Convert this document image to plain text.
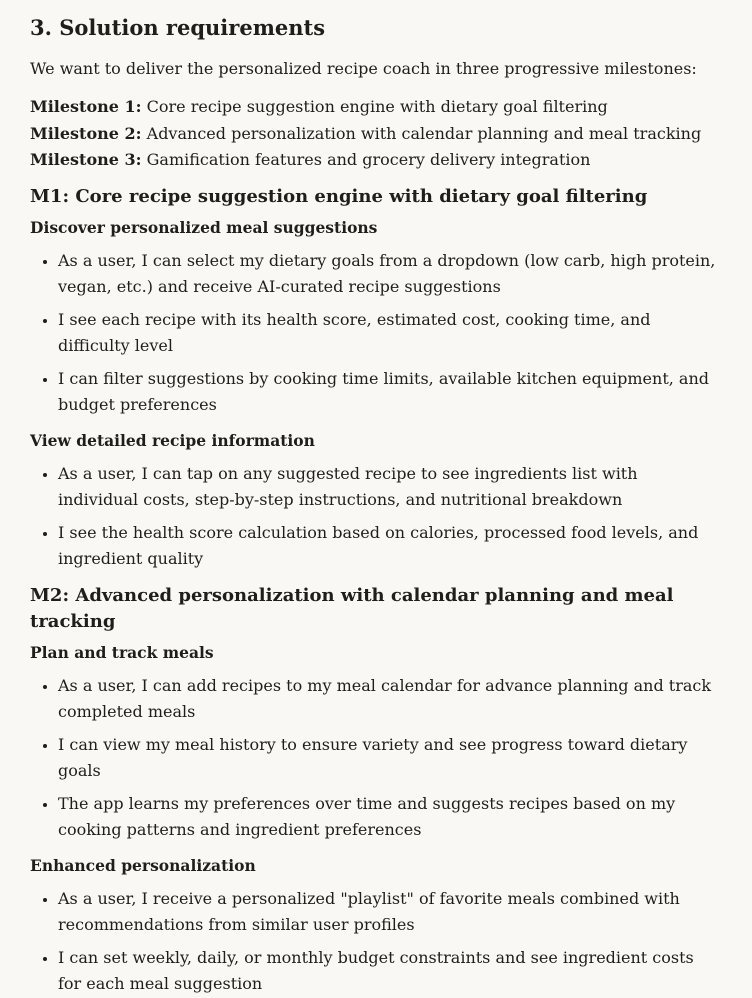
3. Solution requirements

We want to deliver the personalized recipe coach in three progressive milestones:

Milestone 1: Core recipe suggestion engine with dietary goal filtering
Milestone 2: Advanced personalization with calendar planning and meal tracking
Milestone 3: Gamification features and grocery delivery integration
M1: Core recipe suggestion engine with dietary goal filtering
Discover personalized meal suggestions
• As a user, I can select my dietary goals from a dropdown (low carb, high protein, vegan, etc.) and receive AI-curated recipe suggestions
• I see each recipe with its health score, estimated cost, cooking time, and difficulty level
• I can filter suggestions by cooking time limits, available kitchen equipment, and budget preferences
View detailed recipe information
• As a user, I can tap on any suggested recipe to see ingredients list with individual costs, step-by-step instructions, and nutritional breakdown
• I see the health score calculation based on calories, processed food levels, and ingredient quality
M2: Advanced personalization with calendar planning and meal tracking
Plan and track meals
• As a user, I can add recipes to my meal calendar for advance planning and track completed meals
• I can view my meal history to ensure variety and see progress toward dietary goals
• The app learns my preferences over time and suggests recipes based on my cooking patterns and ingredient preferences
Enhanced personalization
• As a user, I receive a personalized "playlist" of favorite meals combined with recommendations from similar user profiles
• I can set weekly, daily, or monthly budget constraints and see ingredient costs for each meal suggestion
